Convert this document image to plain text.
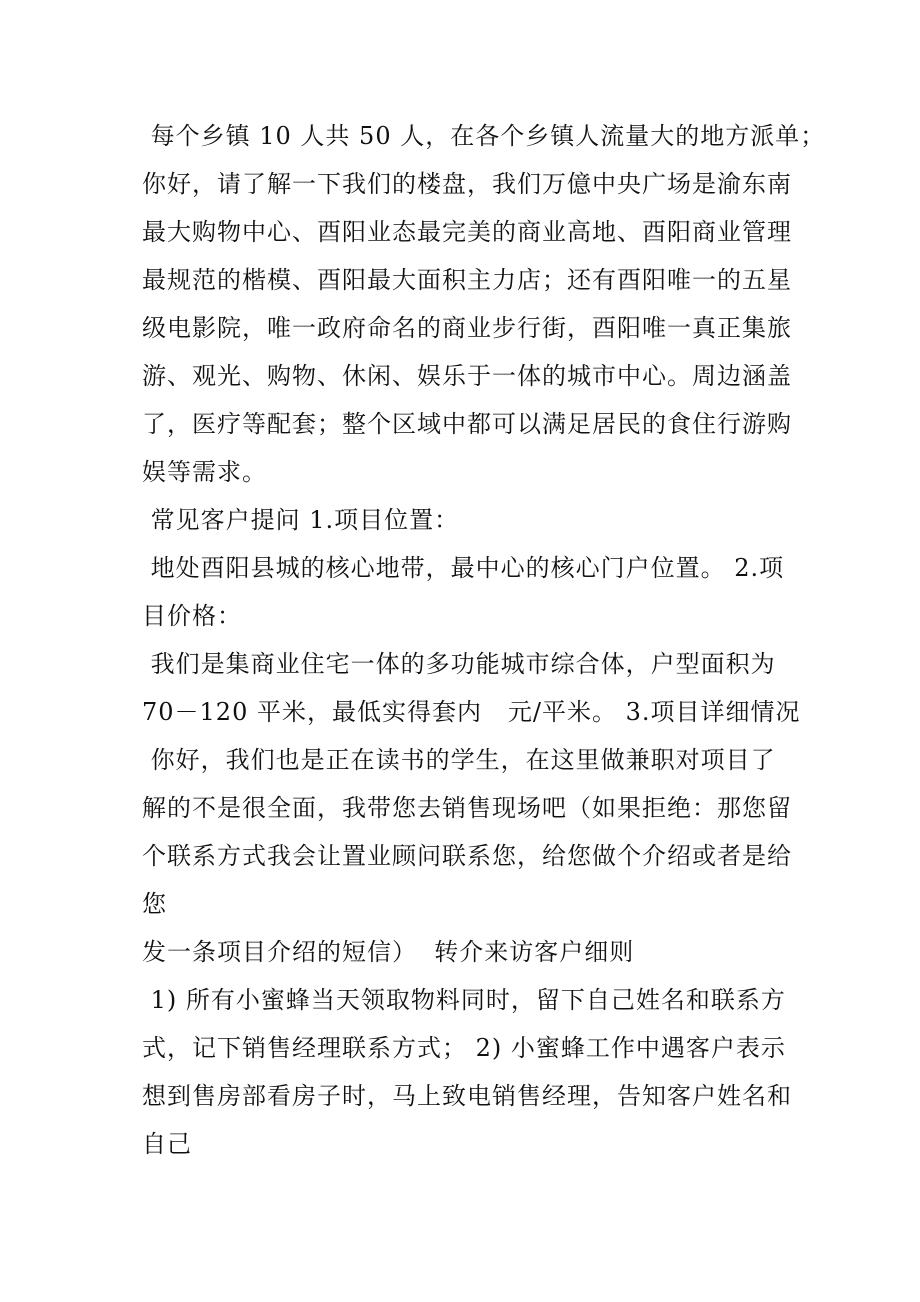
每个乡镇 10 人共 50 人，在各个乡镇人流量大的地方派单；
你好，请了解一下我们的楼盘，我们万億中央广场是渝东南
最大购物中心、酉阳业态最完美的商业高地、酉阳商业管理
最规范的楷模、酉阳最大面积主力店；还有酉阳唯一的五星
级电影院，唯一政府命名的商业步行街，酉阳唯一真正集旅
游、观光、购物、休闲、娱乐于一体的城市中心。周边涵盖
了，医疗等配套；整个区域中都可以满足居民的食住行游购
娱等需求。
常见客户提问 1.项目位置：
地处酉阳县城的核心地带，最中心的核心门户位置。 2.项
目价格：
我们是集商业住宅一体的多功能城市综合体，户型面积为
70－120 平米，最低实得套内   元/平米。 3.项目详细情况
你好，我们也是正在读书的学生，在这里做兼职对项目了
解的不是很全面，我带您去销售现场吧（如果拒绝：那您留
个联系方式我会让置业顾问联系您，给您做个介绍或者是给
您
发一条项目介绍的短信）  转介来访客户细则
1) 所有小蜜蜂当天领取物料同时，留下自己姓名和联系方
式，记下销售经理联系方式； 2) 小蜜蜂工作中遇客户表示
想到售房部看房子时，马上致电销售经理，告知客户姓名和
自己
